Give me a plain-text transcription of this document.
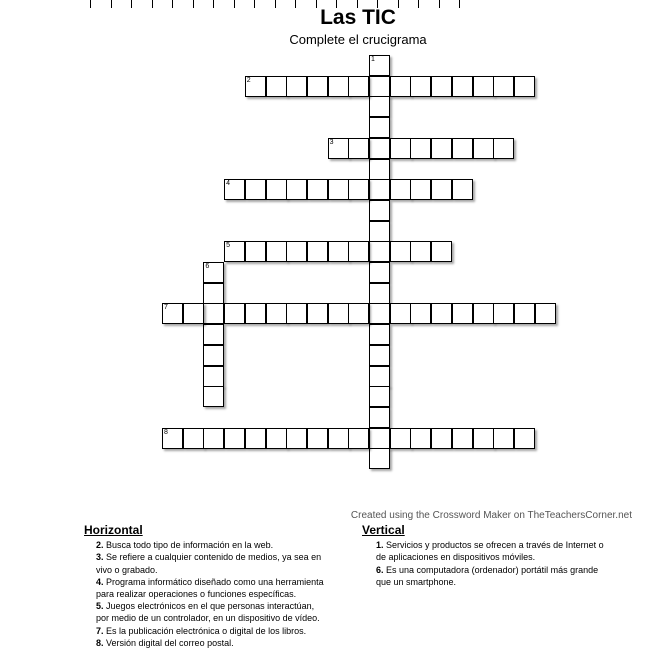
Las TIC
Complete el crucigrama
1
2
3
4
5
6
7
8
Created using the Crossword Maker on TheTeachersCorner.net
Horizontal
2. Busca todo tipo de información en la web.
3. Se refiere a cualquier contenido de medios, ya sea en
vivo o grabado.
4. Programa informático diseñado como una herramienta
para realizar operaciones o funciones específicas.
5. Juegos electrónicos en el que personas interactúan,
por medio de un controlador, en un dispositivo de vídeo.
7. Es la publicación electrónica o digital de los libros.
8. Versión digital del correo postal.
Vertical
1. Servicios y productos se ofrecen a través de Internet o
de aplicaciones en dispositivos móviles.
6. Es una computadora (ordenador) portátil más grande
que un smartphone.
